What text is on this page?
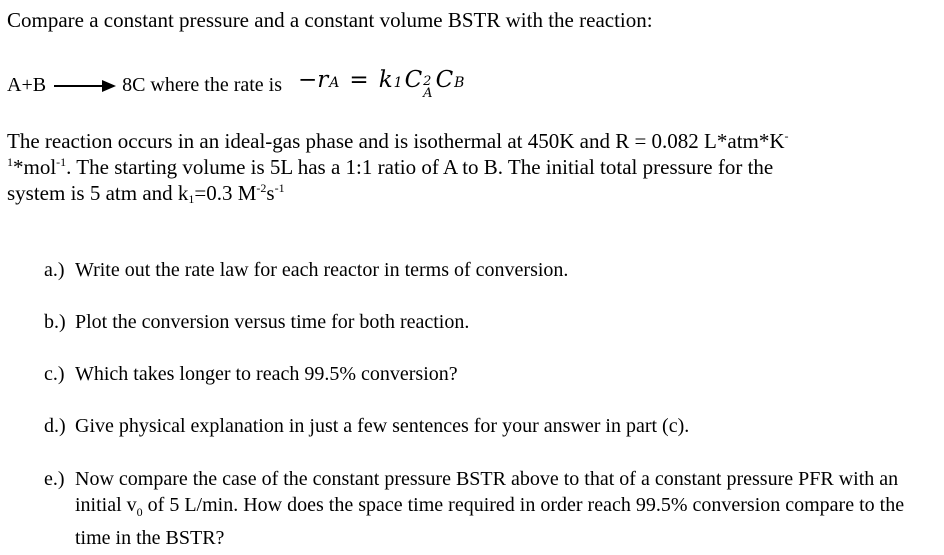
Compare a constant pressure and a constant volume BSTR with the reaction:
A+B	8C where the rate is −r A = k 1 C 2
A
C B
The reaction occurs in an ideal-gas phase and is isothermal at 450K and R = 0.082 L*atm*K-
$^1$*mol$^{-1}$. The starting volume is 5L has a 1:1 ratio of A to B. The initial total pressure for the
system is 5 atm and $k_1=0.3$ $M^{-2}s^{-1}$
a.) Write out the rate law for each reactor in terms of conversion.
b.) Plot the conversion versus time for both reaction.
c.) Which takes longer to reach 99.5% conversion?
d.) Give physical explanation in just a few sentences for your answer in part (c).
e.) Now compare the case of the constant pressure BSTR above to that of a constant pressure PFR with an initial $v_0$ of 5 L/min. How does the space time required in order reach 99.5% conversion compare to the time in the BSTR?
